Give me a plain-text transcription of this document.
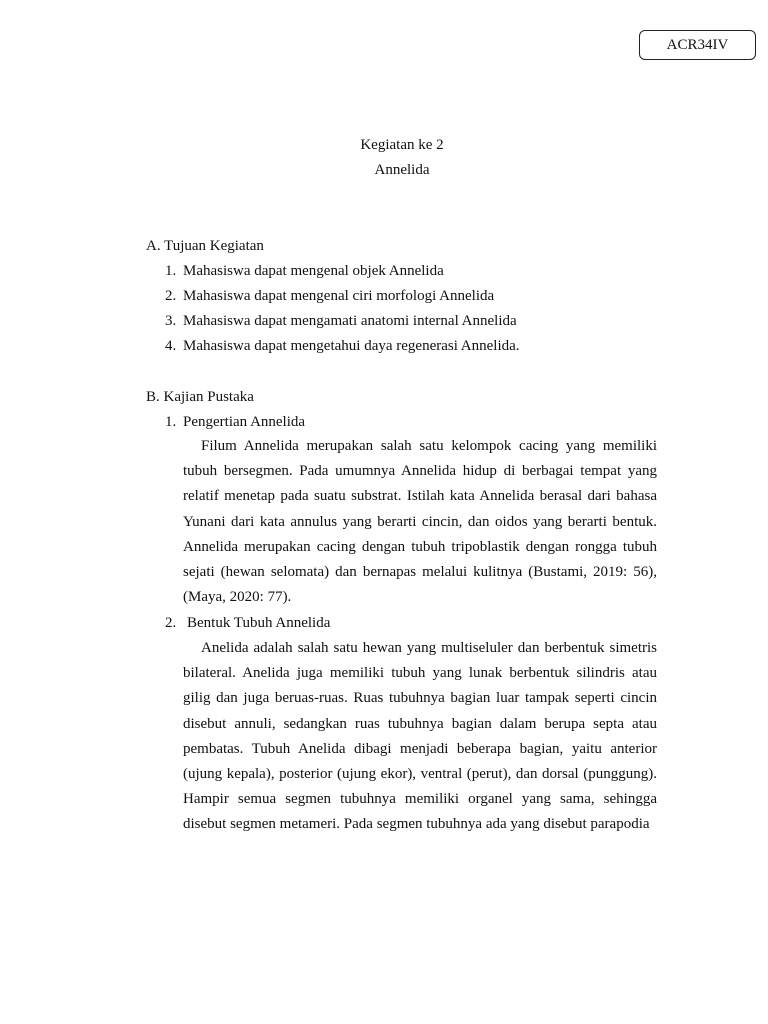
ACR34IV
Kegiatan ke 2
Annelida
A. Tujuan Kegiatan
1. Mahasiswa dapat mengenal objek Annelida
2. Mahasiswa dapat mengenal ciri morfologi Annelida
3. Mahasiswa dapat mengamati anatomi internal Annelida
4. Mahasiswa dapat mengetahui daya regenerasi Annelida.
B. Kajian Pustaka
1. Pengertian Annelida

Filum Annelida merupakan salah satu kelompok cacing yang memiliki tubuh bersegmen. Pada umumnya Annelida hidup di berbagai tempat yang relatif menetap pada suatu substrat. Istilah kata Annelida berasal dari bahasa Yunani dari kata annulus yang berarti cincin, dan oidos yang berarti bentuk. Annelida merupakan cacing dengan tubuh tripoblastik dengan rongga tubuh sejati (hewan selomata) dan bernapas melalui kulitnya (Bustami, 2019: 56), (Maya, 2020: 77).

2. Bentuk Tubuh Annelida

Anelida adalah salah satu hewan yang multiseluler dan berbentuk simetris bilateral. Anelida juga memiliki tubuh yang lunak berbentuk silindris atau gilig dan juga beruas-ruas. Ruas tubuhnya bagian luar tampak seperti cincin disebut annuli, sedangkan ruas tubuhnya bagian dalam berupa septa atau pembatas. Tubuh Anelida dibagi menjadi beberapa bagian, yaitu anterior (ujung kepala), posterior (ujung ekor), ventral (perut), dan dorsal (punggung). Hampir semua segmen tubuhnya memiliki organel yang sama, sehingga disebut segmen metameri. Pada segmen tubuhnya ada yang disebut parapodia
